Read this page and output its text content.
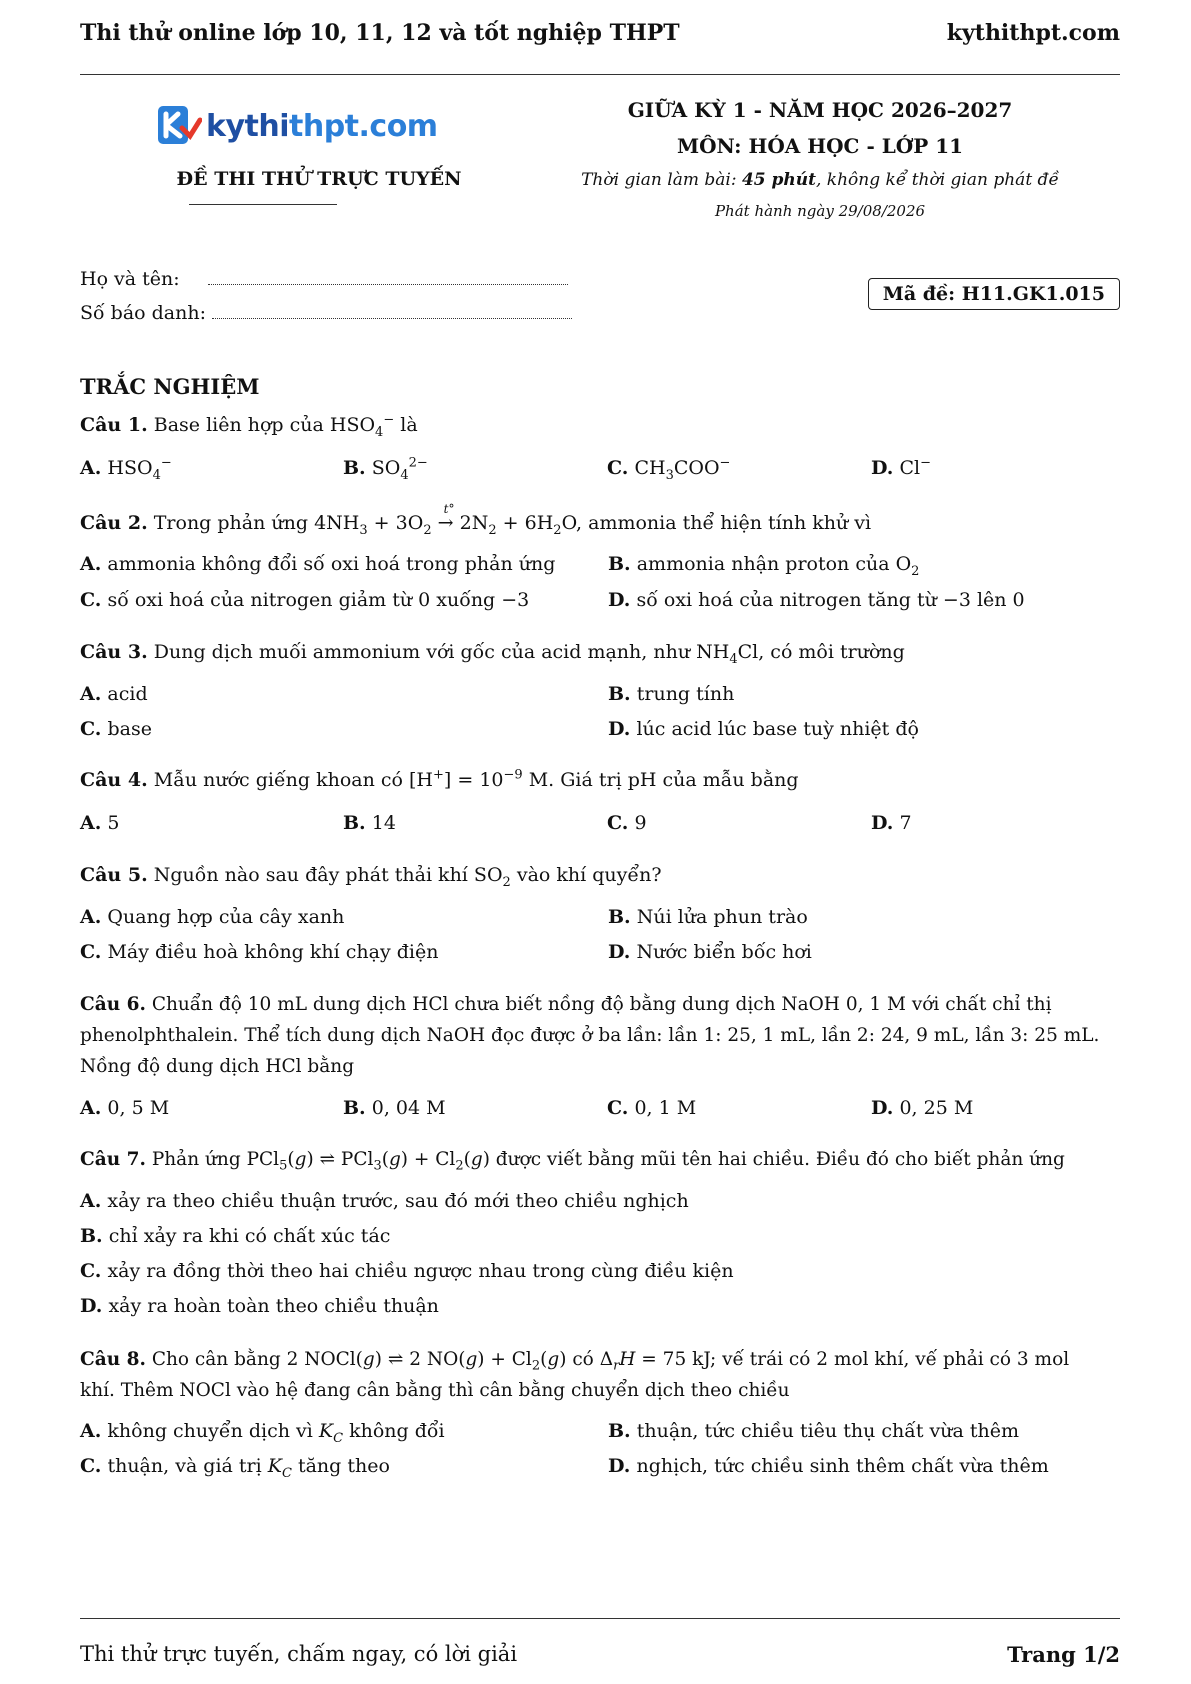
Thi thử online lớp 10, 11, 12 và tốt nghiệp THPT	kythithpt.com
kythithpt.com
ĐỀ THI THỬ TRỰC TUYẾN
GIỮA KỲ 1 - NĂM HỌC 2026–2027
MÔN: HÓA HỌC - LỚP 11
Thời gian làm bài: 45 phút, không kể thời gian phát đề
Phát hành ngày 29/08/2026
Họ và tên:
Số báo danh:
Mã đề: H11.GK1.015
TRẮC NGHIỆM
Câu 1. Base liên hợp của $HSO_4^-$ là
A. $HSO_4^-$	B. $SO_4^{2-}$	C. $CH_3COO^-$	D. Cl−
Câu 2. Trong phản ứng $4NH_3 + 3O_2$ →
t°
$2N_2 + 6H_2O$, ammonia thể hiện tính khử vì
A. ammonia không đổi số oxi hoá trong phản ứng	B. ammonia nhận proton của $O_2$
C. số oxi hoá của nitrogen giảm từ 0 xuống −3	D. số oxi hoá của nitrogen tăng từ −3 lên 0
Câu 3. Dung dịch muối ammonium với gốc của acid mạnh, như $NH_4Cl$, có môi trường
A. acid	B. trung tính
C. base	D. lúc acid lúc base tuỳ nhiệt độ
Câu 4. Mẫu nước giếng khoan có $[H^+] = 10^{-9}$ M. Giá trị pH của mẫu bằng
A. 5	B. 14	C. 9	D. 7
Câu 5. Nguồn nào sau đây phát thải khí $SO_2$ vào khí quyển?
A. Quang hợp của cây xanh	B. Núi lửa phun trào
C. Máy điều hoà không khí chạy điện	D. Nước biển bốc hơi
Câu 6. Chuẩn độ 10 mL dung dịch HCl chưa biết nồng độ bằng dung dịch NaOH 0, 1 M với chất chỉ thị
phenolphthalein. Thể tích dung dịch NaOH đọc được ở ba lần: lần 1: 25, 1 mL, lần 2: 24, 9 mL, lần 3: 25 mL.
Nồng độ dung dịch HCl bằng
A. 0, 5 M	B. 0, 04 M	C. 0, 1 M	D. 0, 25 M
Câu 7. Phản ứng PCl$_5$(g) ⇌ $PCl_3(g) + Cl_2(g)$ được viết bằng mũi tên hai chiều. Điều đó cho biết phản ứng
A. xảy ra theo chiều thuận trước, sau đó mới theo chiều nghịch
B. chỉ xảy ra khi có chất xúc tác
C. xảy ra đồng thời theo hai chiều ngược nhau trong cùng điều kiện
D. xảy ra hoàn toàn theo chiều thuận
Câu 8. Cho cân bằng 2 NOCl(g) ⇌ 2 $NO(g) + Cl_2(g)$ có $\Delta_rH = 75$ kJ; vế trái có 2 mol khí, vế phải có 3 mol
khí. Thêm NOCl vào hệ đang cân bằng thì cân bằng chuyển dịch theo chiều
A. không chuyển dịch vì $K_C$ không đổi	B. thuận, tức chiều tiêu thụ chất vừa thêm
C. thuận, và giá trị $K_C$ tăng theo	D. nghịch, tức chiều sinh thêm chất vừa thêm
Thi thử trực tuyến, chấm ngay, có lời giải	Trang 1/2
